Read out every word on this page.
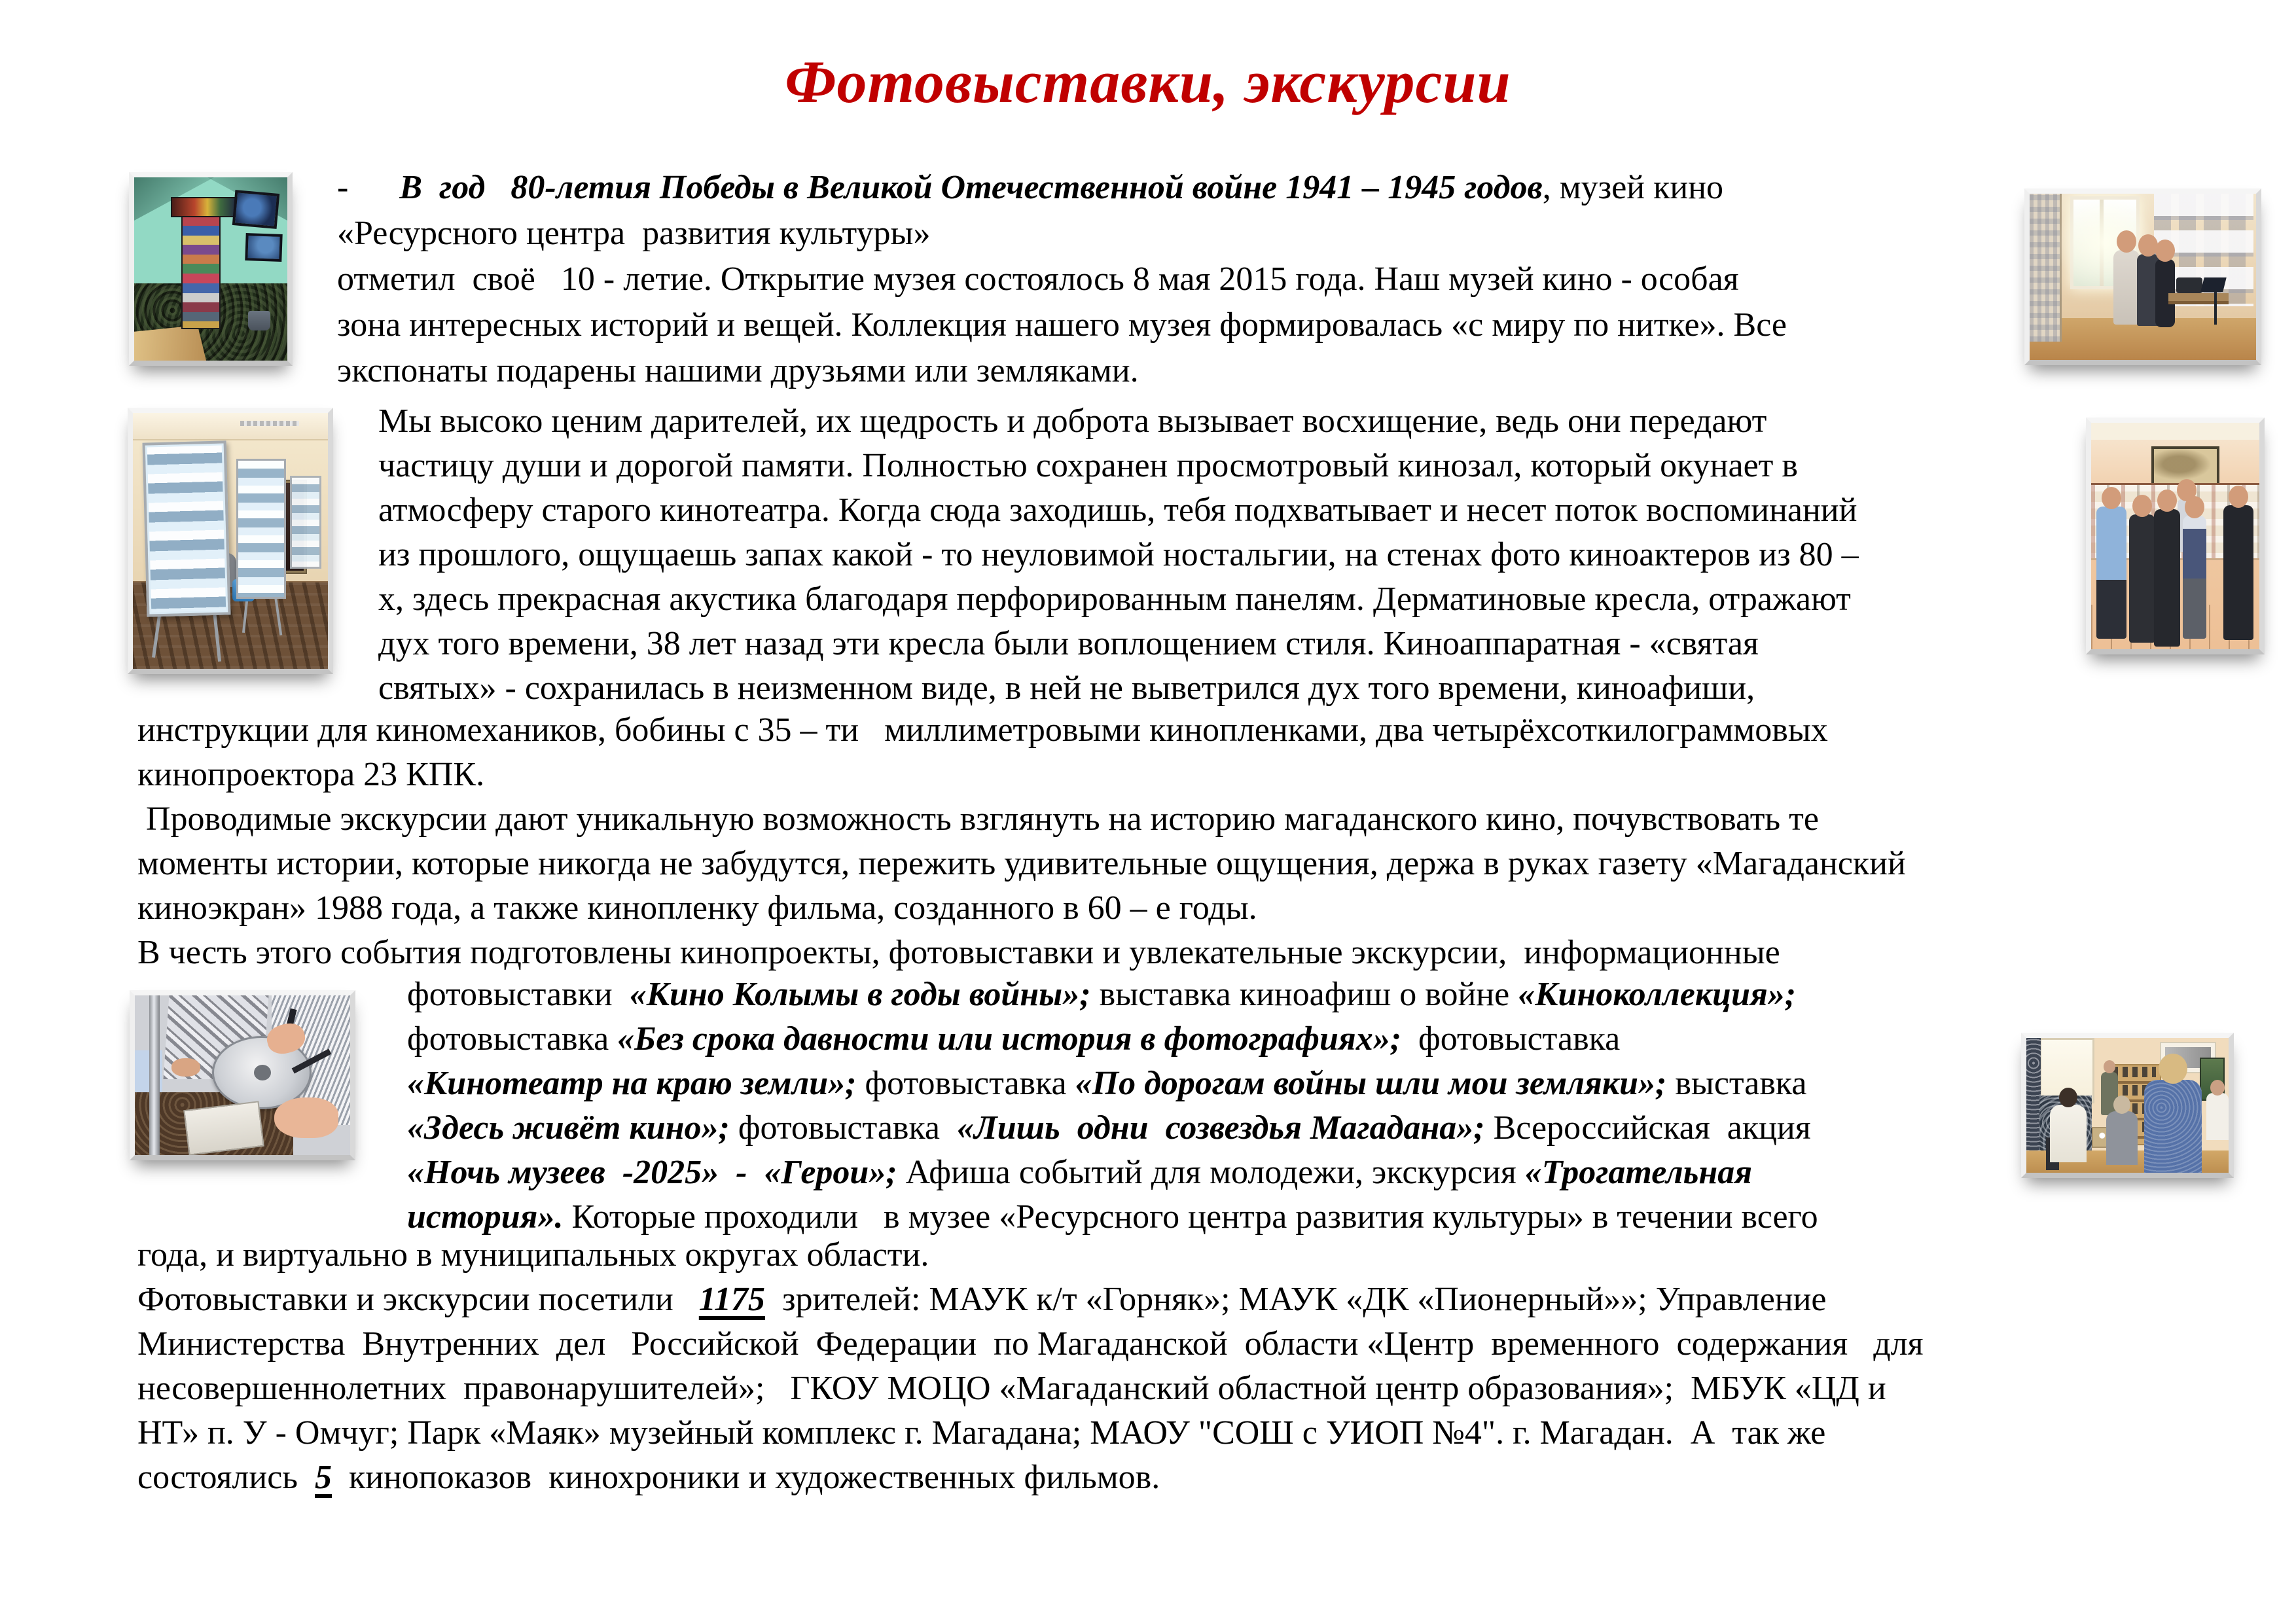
Фотовыставки, экскурсии
-      В  год   80-летия Победы в Великой Отечественной войне 1941 – 1945 годов, музей кино
«Ресурсного центра  развития культуры»
отметил  своё   10 - летие. Открытие музея состоялось 8 мая 2015 года. Наш музей кино - особая
зона интересных историй и вещей. Коллекция нашего музея формировалась «с миру по нитке». Все
экспонаты подарены нашими друзьями или земляками.
Мы высоко ценим дарителей, их щедрость и доброта вызывает восхищение, ведь они передают
частицу души и дорогой памяти. Полностью сохранен просмотровый кинозал, который окунает в
атмосферу старого кинотеатра. Когда сюда заходишь, тебя подхватывает и несет поток воспоминаний
из прошлого, ощущаешь запах какой - то неуловимой ностальгии, на стенах фото киноактеров из 80 –
х, здесь прекрасная акустика благодаря перфорированным панелям. Дерматиновые кресла, отражают
дух того времени, 38 лет назад эти кресла были воплощением стиля. Киноаппаратная - «святая
святых» - сохранилась в неизменном виде, в ней не выветрился дух того времени, киноафиши,
инструкции для киномехаников, бобины с 35 – ти   миллиметровыми кинопленками, два четырёхсоткилограммовых
кинопроектора 23 КПК.
Проводимые экскурсии дают уникальную возможность взглянуть на историю магаданского кино, почувствовать те
моменты истории, которые никогда не забудутся, пережить удивительные ощущения, держа в руках газету «Магаданский
киноэкран» 1988 года, а также кинопленку фильма, созданного в 60 – е годы.
В честь этого события подготовлены кинопроекты, фотовыставки и увлекательные экскурсии,  информационные
фотовыставки  «Кино Колымы в годы войны»; выставка киноафиш о войне «Киноколлекция»;
фотовыставка «Без срока давности или история в фотографиях»;  фотовыставка
«Кинотеатр на краю земли»; фотовыставка «По дорогам войны шли мои земляки»; выставка
«Здесь живёт кино»; фотовыставка  «Лишь  одни  созвездья Магадана»; Всероссийская  акция
«Ночь музеев  -2025»  -  «Герои»; Афиша событий для молодежи, экскурсия «Трогательная
история». Которые проходили   в музее «Ресурсного центра развития культуры» в течении всего
года, и виртуально в муниципальных округах области.
Фотовыставки и экскурсии посетили   1175  зрителей: МАУК к/т «Горняк»; МАУК «ДК «Пионерный»»; Управление
Министерства  Внутренних  дел   Российской  Федерации  по Магаданской  области «Центр  временного  содержания   для
несовершеннолетних  правонарушителей»;   ГКОУ МОЦО «Магаданский областной центр образования»;  МБУК «ЦД и
НТ» п. У - Омчуг; Парк «Маяк» музейный комплекс г. Магадана; МАОУ "СОШ с УИОП №4". г. Магадан.  А  так же
состоялись  5  кинопоказов  кинохроники и художественных фильмов.
